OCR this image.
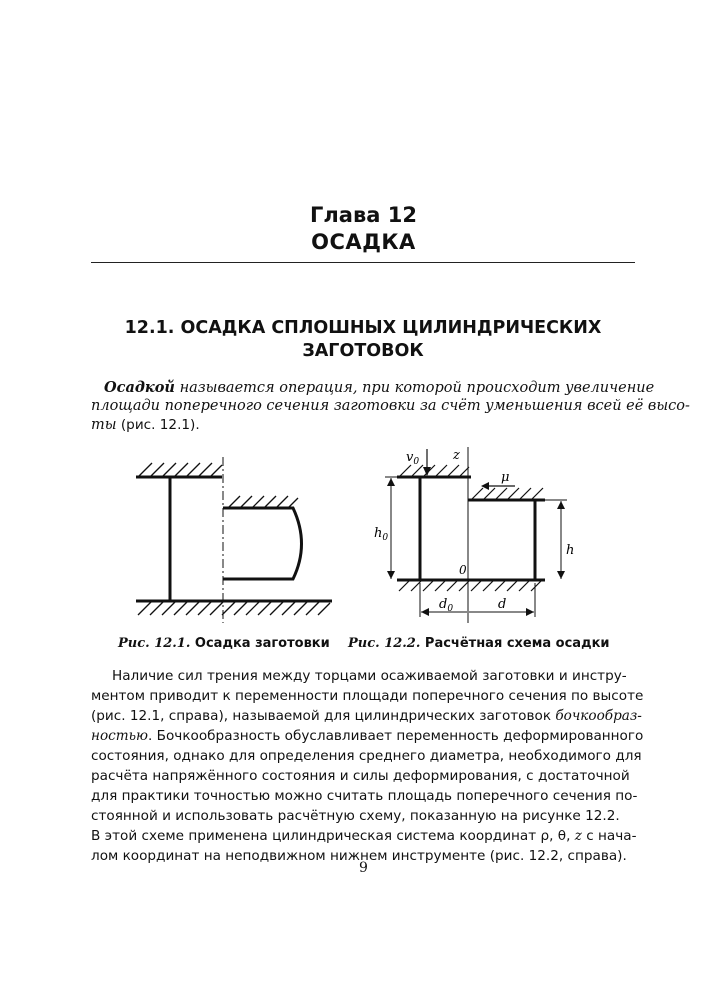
Глава 12
ОСАДКА
12.1. ОСАДКА СПЛОШНЫХ ЦИЛИНДРИЧЕСКИХ
ЗАГОТОВОК
Осадкой называется операция, при которой происходит увеличение
площади поперечного сечения заготовки за счёт уменьшения всей её высо-
ты (рис. 12.1).
$v_0$	z
μ
$h_0$
h
0
$d_0$	d
Рис. 12.1. Осадка заготовки Рис. 12.2. Расчётная схема осадки
Наличие сил трения между торцами осаживаемой заготовки и инстру-
ментом приводит к переменности площади поперечного сечения по высоте
(рис. 12.1, справа), называемой для цилиндрических заготовок бочкообраз-
ностью. Бочкообразность обуславливает переменность деформированного
состояния, однако для определения среднего диаметра, необходимого для
расчёта напряжённого состояния и силы деформирования, с достаточной
для практики точностью можно считать площадь поперечного сечения по-
стоянной и использовать расчётную схему, показанную на рисунке 12.2.
В этой схеме применена цилиндрическая система координат ρ, θ, z с нача-
лом координат на неподвижном нижнем инструменте (рис. 12.2, справа).
9
